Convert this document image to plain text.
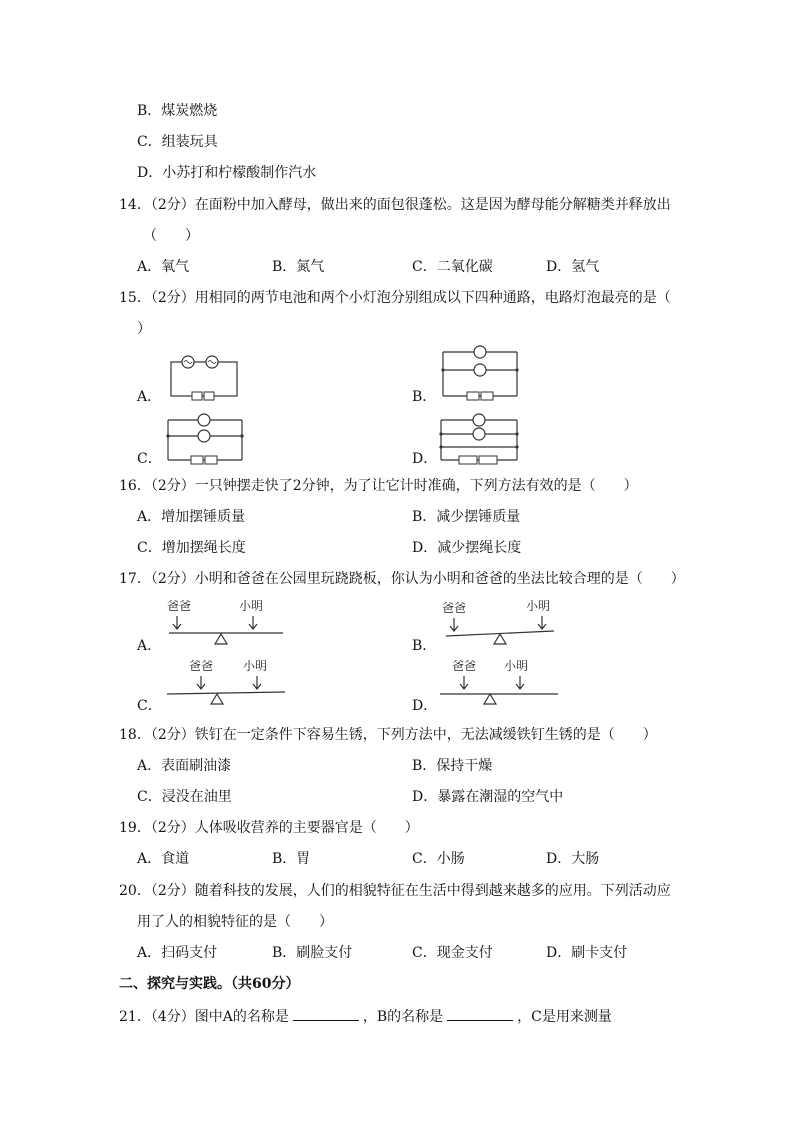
B．煤炭燃烧
C．组装玩具
D．小苏打和柠檬酸制作汽水
14．（2分）在面粉中加入酵母，做出来的面包很蓬松。这是因为酵母能分解糖类并释放出
（　　）
A．氧气	B．氮气	C．二氧化碳	D．氢气
15．（2分）用相同的两节电池和两个小灯泡分别组成以下四种通路，电路灯泡最亮的是（
）
A．	B．
C．	D．
16．（2分）一只钟摆走快了2分钟，为了让它计时准确，下列方法有效的是（　　）
A．增加摆锤质量	B．减少摆锤质量
C．增加摆绳长度	D．减少摆绳长度
17．（2分）小明和爸爸在公园里玩跷跷板，你认为小明和爸爸的坐法比较合理的是（　　）
A．
爸爸	小明
B．
爸爸	小明
C．
爸爸 小明
D．
爸爸 小明
18．（2分）铁钉在一定条件下容易生锈，下列方法中，无法减缓铁钉生锈的是（　　）
A．表面刷油漆	B．保持干燥
C．浸没在油里	D．暴露在潮湿的空气中
19．（2分）人体吸收营养的主要器官是（　　）
A．食道	B．胃	C．小肠	D．大肠
20．（2分）随着科技的发展，人们的相貌特征在生活中得到越来越多的应用。下列活动应
用了人的相貌特征的是（　　）
A．扫码支付	B．刷脸支付	C．现金支付	D．刷卡支付
二、探究与实践。（共60分）
21．（4分）图中A的名称是	，B的名称是	，C是用来测量
